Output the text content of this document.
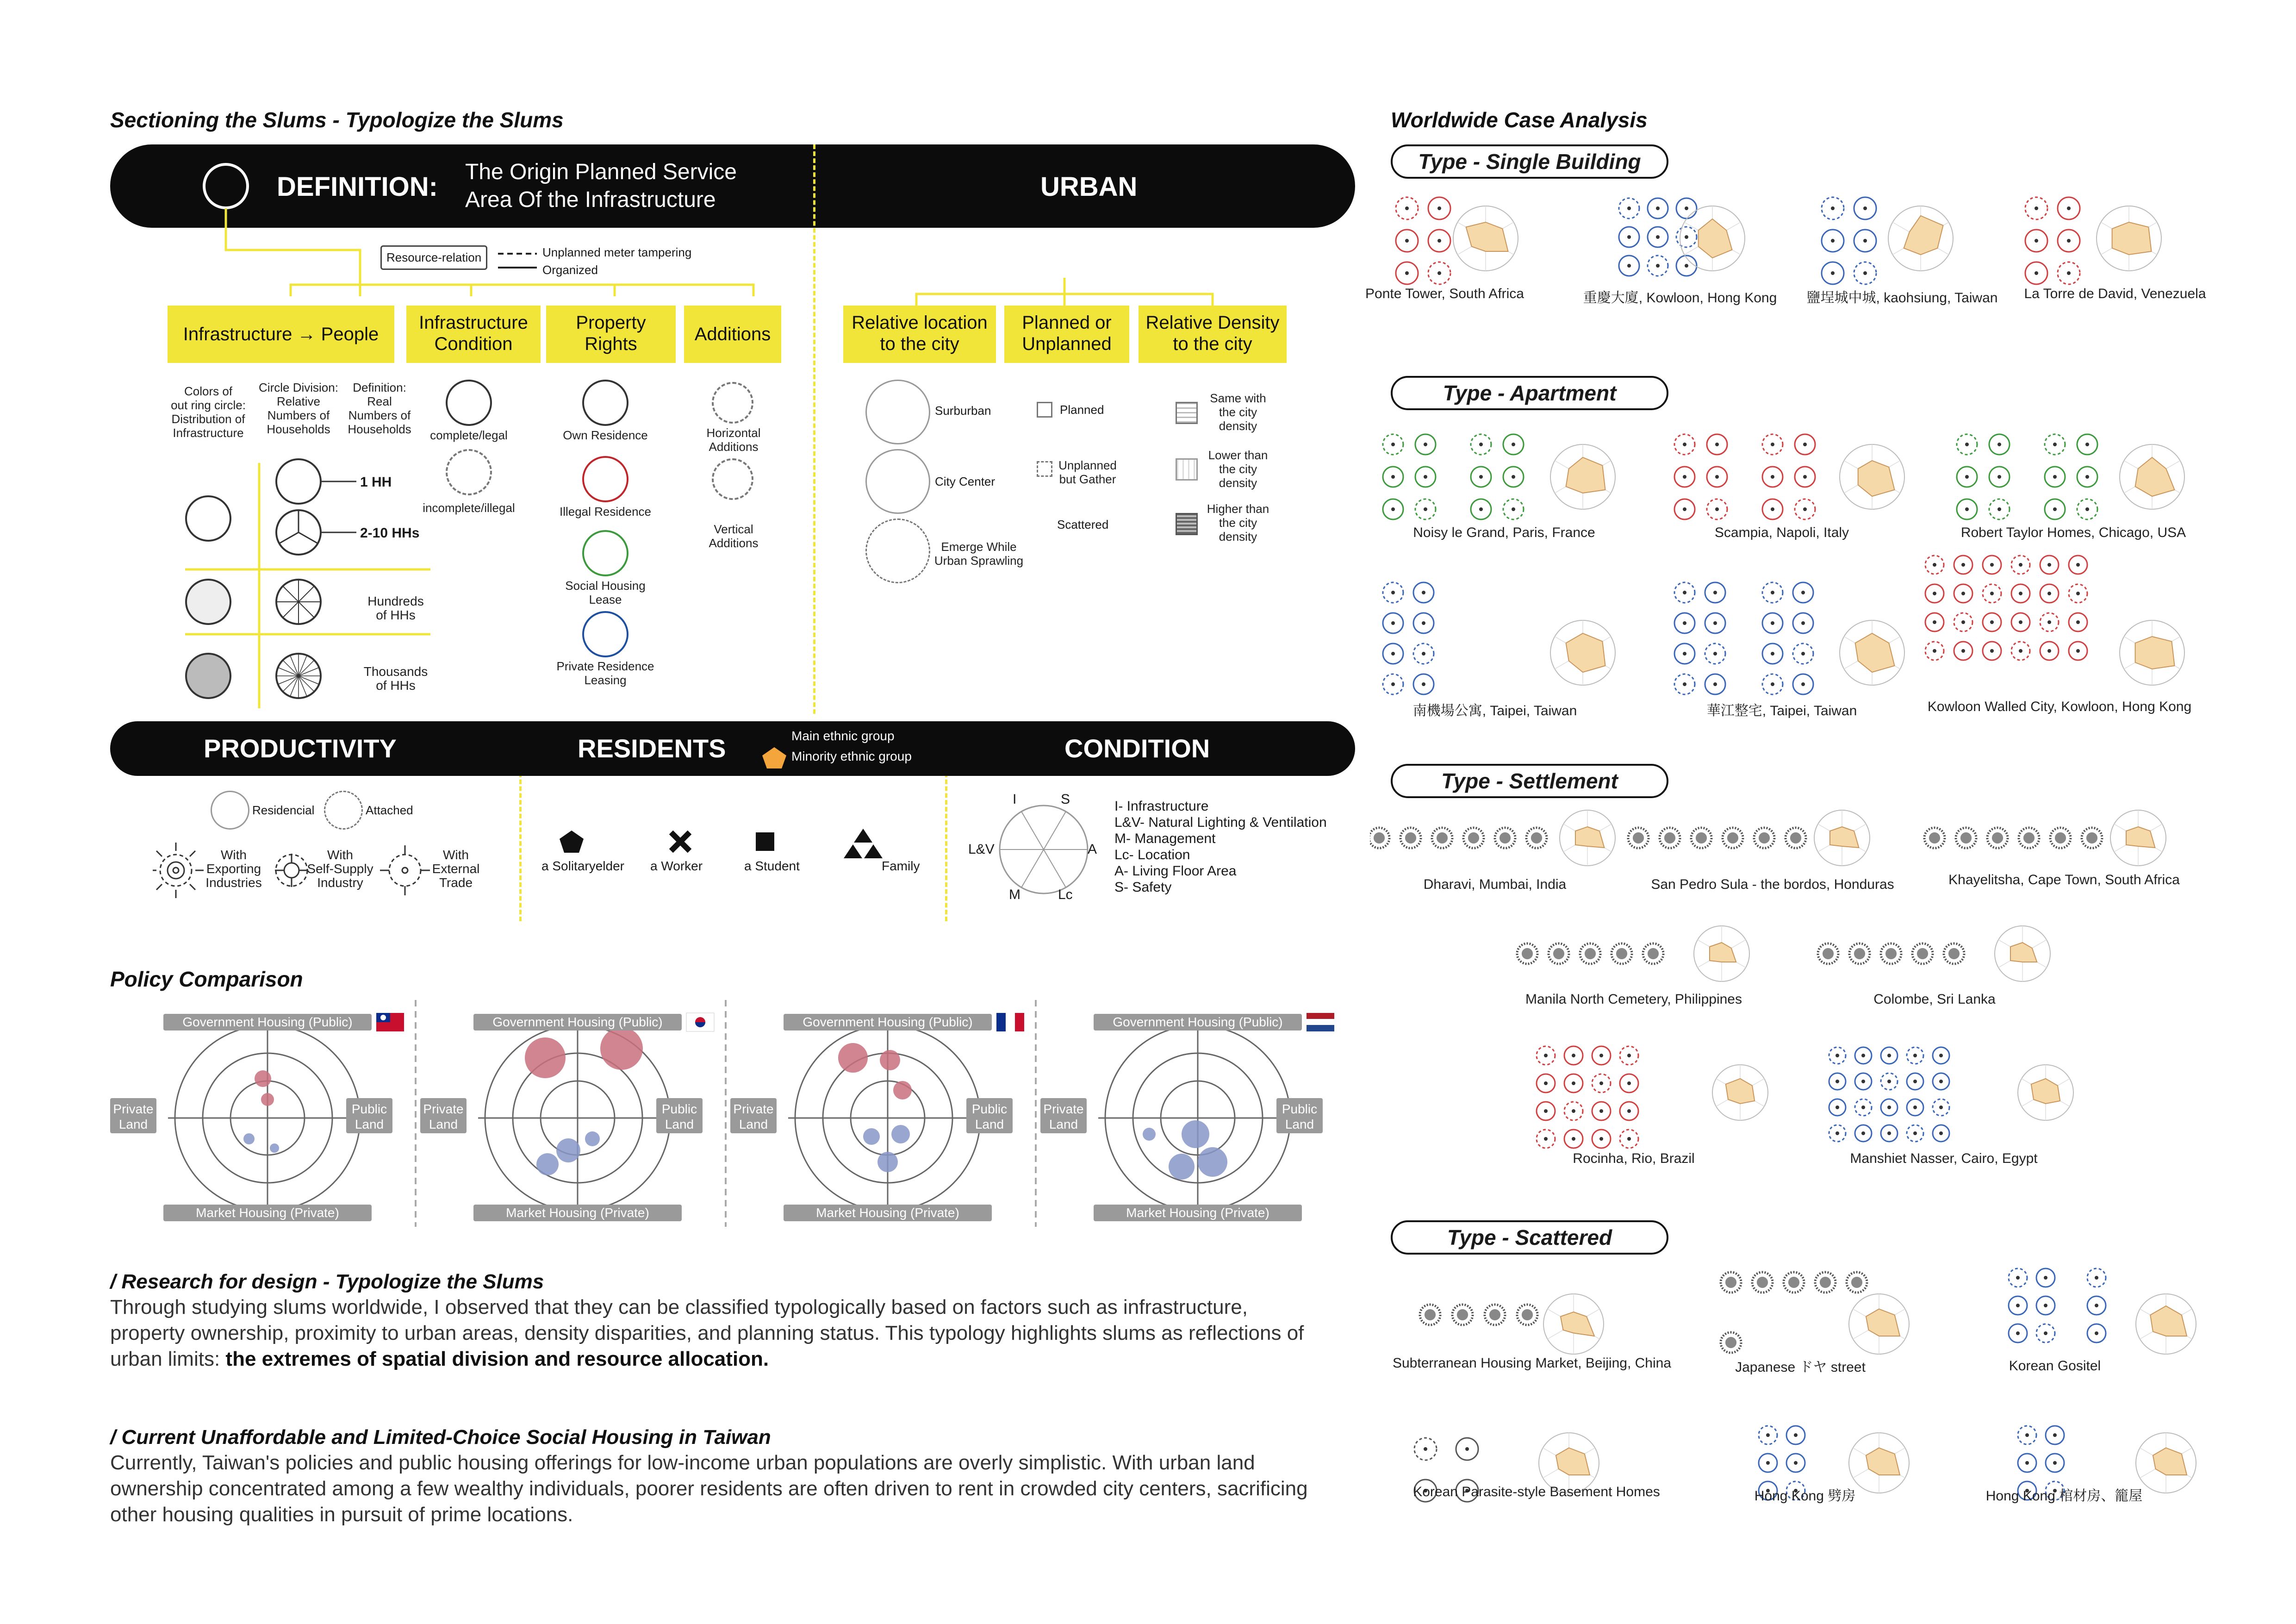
Sectioning the Slums - Typologize the Slums
DEFINITION: The Origin Planned Service
Area Of the Infrastructure	URBAN
Resource-relation	Unplanned meter tampering
Organized
Infrastructure → People
Infrastructure
Condition
Property
Rights	Additions
Relative location
to the city
Planned or
Unplanned
Relative Density
to the city
Colors of
out ring circle:
Distribution of
Infrastructure
Circle Division:
Relative
Numbers of
Households
Definition:
Real
Numbers of
Households
1 HH
2-10 HHs
Hundreds
of HHs
Thousands
of HHs
complete/legal
incomplete/illegal
Own Residence
Illegal Residence
Social Housing
Lease
Private Residence
Leasing
Horizontal
Additions
Vertical
Additions
Surburban
City Center
Emerge While
Urban Sprawling
Planned
Unplanned
but Gather
Scattered
Same with
the city
density
Lower than
the city
density
Higher than
the city
density
PRODUCTIVITY	RESIDENTS	Main ethnic group
Minority ethnic group	CONDITION
Residencial	Attached
With
Exporting
Industries
With
Self-Supply
Industry
With
External
Trade
a Solitaryelder a Worker	a Student	Family
I	S
L&V	A
M	Lc
I- Infrastructure
L&V- Natural Lighting & Ventilation
M- Management
Lc- Location
A- Living Floor Area
S- Safety
Policy Comparison
Government Housing (Public)
Market Housing (Private)
Private
Land
Public
Land
Government Housing (Public)
Market Housing (Private)
Private
Land
Public
Land
Government Housing (Public)
Market Housing (Private)
Private
Land
Public
Land
Government Housing (Public)
Market Housing (Private)
Private
Land
Public
Land
/ Research for design - Typologize the Slums
Through studying slums worldwide, I observed that they can be classified typologically based on factors such as infrastructure,
property ownership, proximity to urban areas, density disparities, and planning status. This typology highlights slums as reflections of
urban limits: the extremes of spatial division and resource allocation.
/ Current Unaffordable and Limited-Choice Social Housing in Taiwan
Currently, Taiwan's policies and public housing offerings for low-income urban populations are overly simplistic. With urban land
ownership concentrated among a few wealthy individuals, poorer residents are often driven to rent in crowded city centers, sacrificing
other housing qualities in pursuit of prime locations.
Worldwide Case Analysis
Type - Single Building
Type - Apartment
Type - Settlement
Type - Scattered
Ponte Tower, South Africa	重慶大廈, Kowloon, Hong Kong	鹽埕城中城, kaohsiung, Taiwan	La Torre de David, Venezuela
Noisy le Grand, Paris, France	Scampia, Napoli, Italy	Robert Taylor Homes, Chicago, USA
南機場公寓, Taipei, Taiwan	華江整宅, Taipei, Taiwan	Kowloon Walled City, Kowloon, Hong Kong
Dharavi, Mumbai, India	San Pedro Sula - the bordos, Honduras	Khayelitsha, Cape Town, South Africa
Manila North Cemetery, Philippines	Colombe, Sri Lanka
Rocinha, Rio, Brazil	Manshiet Nasser, Cairo, Egypt
Subterranean Housing Market, Beijing, China	Japanese ドヤ street	Korean Gositel
Korean Parasite-style Basement Homes	Hong Kong 劈房	Hong Kong 棺材房、籠屋
